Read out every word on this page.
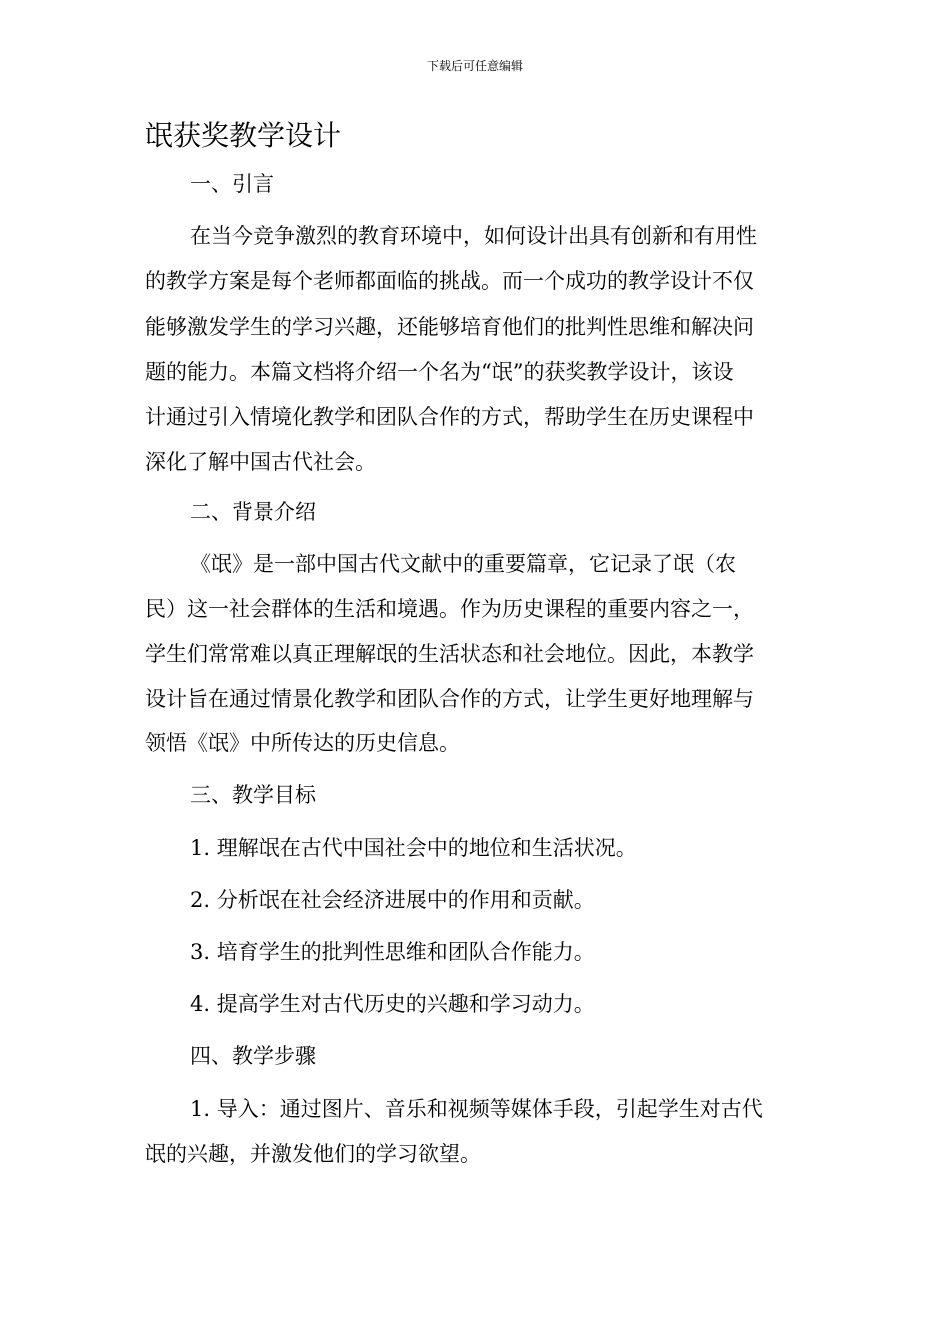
下载后可任意编辑
氓获奖教学设计

一、引言

在当今竞争激烈的教育环境中，如何设计出具有创新和有用性

的教学方案是每个老师都面临的挑战。而一个成功的教学设计不仅

能够激发学生的学习兴趣，还能够培育他们的批判性思维和解决问

题的能力。本篇文档将介绍一个名为“氓”的获奖教学设计，该设

计通过引入情境化教学和团队合作的方式，帮助学生在历史课程中

深化了解中国古代社会。

二、背景介绍

《氓》是一部中国古代文献中的重要篇章，它记录了氓（农

民）这一社会群体的生活和境遇。作为历史课程的重要内容之一，

学生们常常难以真正理解氓的生活状态和社会地位。因此，本教学

设计旨在通过情景化教学和团队合作的方式，让学生更好地理解与

领悟《氓》中所传达的历史信息。

三、教学目标

1. 理解氓在古代中国社会中的地位和生活状况。

2. 分析氓在社会经济进展中的作用和贡献。

3. 培育学生的批判性思维和团队合作能力。

4. 提高学生对古代历史的兴趣和学习动力。

四、教学步骤

1. 导入：通过图片、音乐和视频等媒体手段，引起学生对古代

氓的兴趣，并激发他们的学习欲望。
